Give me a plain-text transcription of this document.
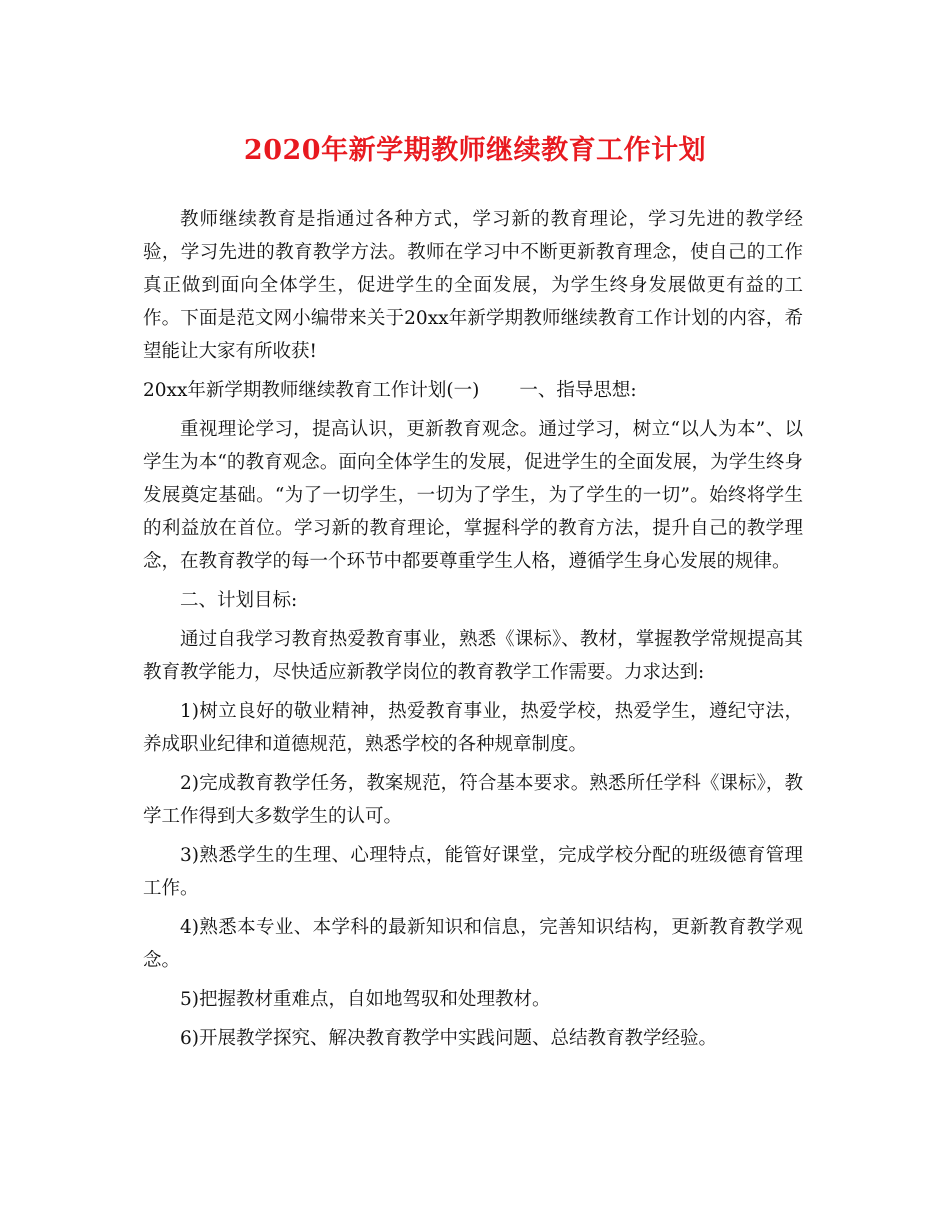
2020年新学期教师继续教育工作计划

教师继续教育是指通过各种方式，学习新的教育理论，学习先进的教学经验，学习先进的教育教学方法。教师在学习中不断更新教育理念，使自己的工作真正做到面向全体学生，促进学生的全面发展，为学生终身发展做更有益的工作。下面是范文网小编带来关于20xx年新学期教师继续教育工作计划的内容，希望能让大家有所收获!

20xx年新学期教师继续教育工作计划(一) 一、指导思想:

重视理论学习，提高认识，更新教育观念。通过学习，树立“以人为本”、以学生为本“的教育观念。面向全体学生的发展，促进学生的全面发展，为学生终身发展奠定基础。“为了一切学生，一切为了学生，为了学生的一切”。始终将学生的利益放在首位。学习新的教育理论，掌握科学的教育方法，提升自己的教学理念，在教育教学的每一个环节中都要尊重学生人格，遵循学生身心发展的规律。

二、计划目标:

通过自我学习教育热爱教育事业，熟悉《课标》、教材，掌握教学常规提高其教育教学能力，尽快适应新教学岗位的教育教学工作需要。力求达到:

1)树立良好的敬业精神，热爱教育事业，热爱学校，热爱学生，遵纪守法，养成职业纪律和道德规范，熟悉学校的各种规章制度。

2)完成教育教学任务，教案规范，符合基本要求。熟悉所任学科《课标》，教学工作得到大多数学生的认可。

3)熟悉学生的生理、心理特点，能管好课堂，完成学校分配的班级德育管理工作。

4)熟悉本专业、本学科的最新知识和信息，完善知识结构，更新教育教学观念。

5)把握教材重难点，自如地驾驭和处理教材。

6)开展教学探究、解决教育教学中实践问题、总结教育教学经验。
